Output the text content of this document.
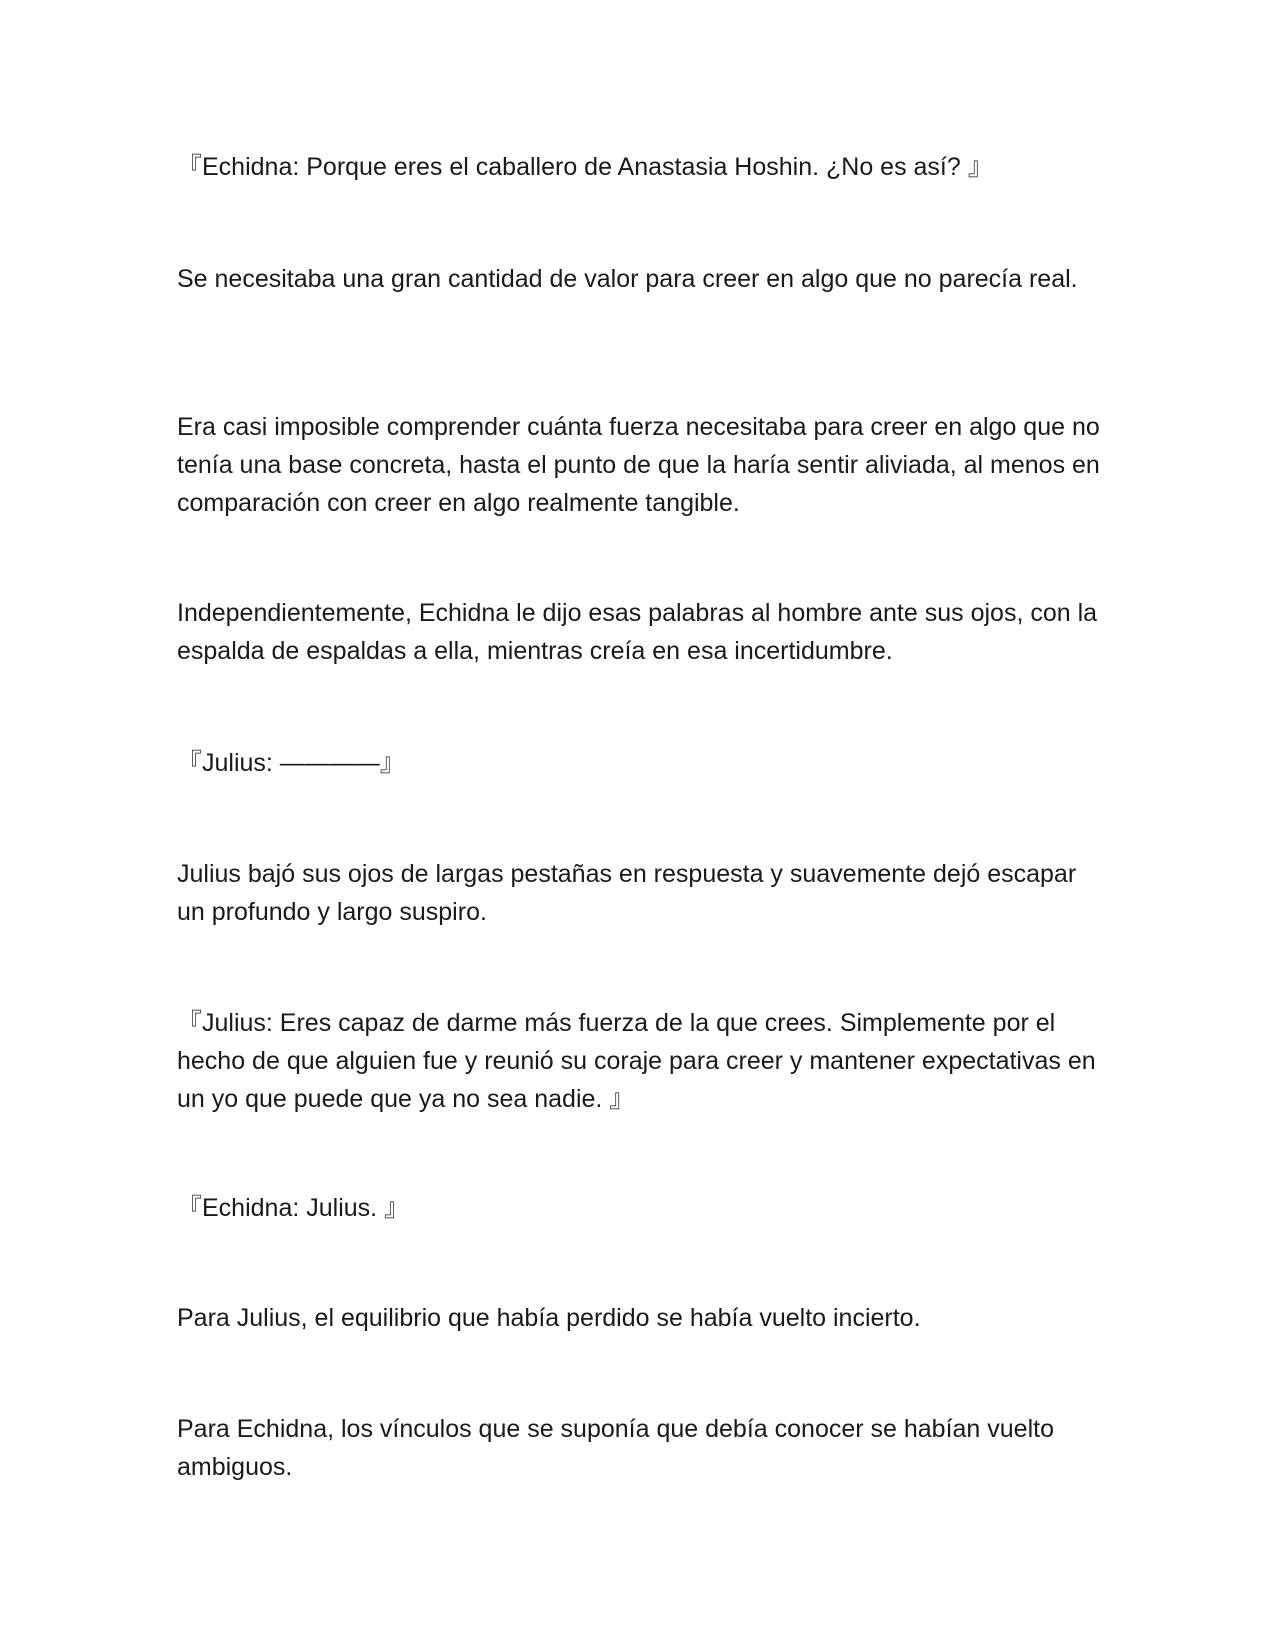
『Echidna: Porque eres el caballero de Anastasia Hoshin. ¿No es así? 』

Se necesitaba una gran cantidad de valor para creer en algo que no parecía real.

Era casi imposible comprender cuánta fuerza necesitaba para creer en algo que no tenía una base concreta, hasta el punto de que la haría sentir aliviada, al menos en comparación con creer en algo realmente tangible.

Independientemente, Echidna le dijo esas palabras al hombre ante sus ojos, con la espalda de espaldas a ella, mientras creía en esa incertidumbre.

『Julius: ————』

Julius bajó sus ojos de largas pestañas en respuesta y suavemente dejó escapar un profundo y largo suspiro.

『Julius: Eres capaz de darme más fuerza de la que crees. Simplemente por el hecho de que alguien fue y reunió su coraje para creer y mantener expectativas en un yo que puede que ya no sea nadie. 』

『Echidna: Julius. 』

Para Julius, el equilibrio que había perdido se había vuelto incierto.

Para Echidna, los vínculos que se suponía que debía conocer se habían vuelto ambiguos.
